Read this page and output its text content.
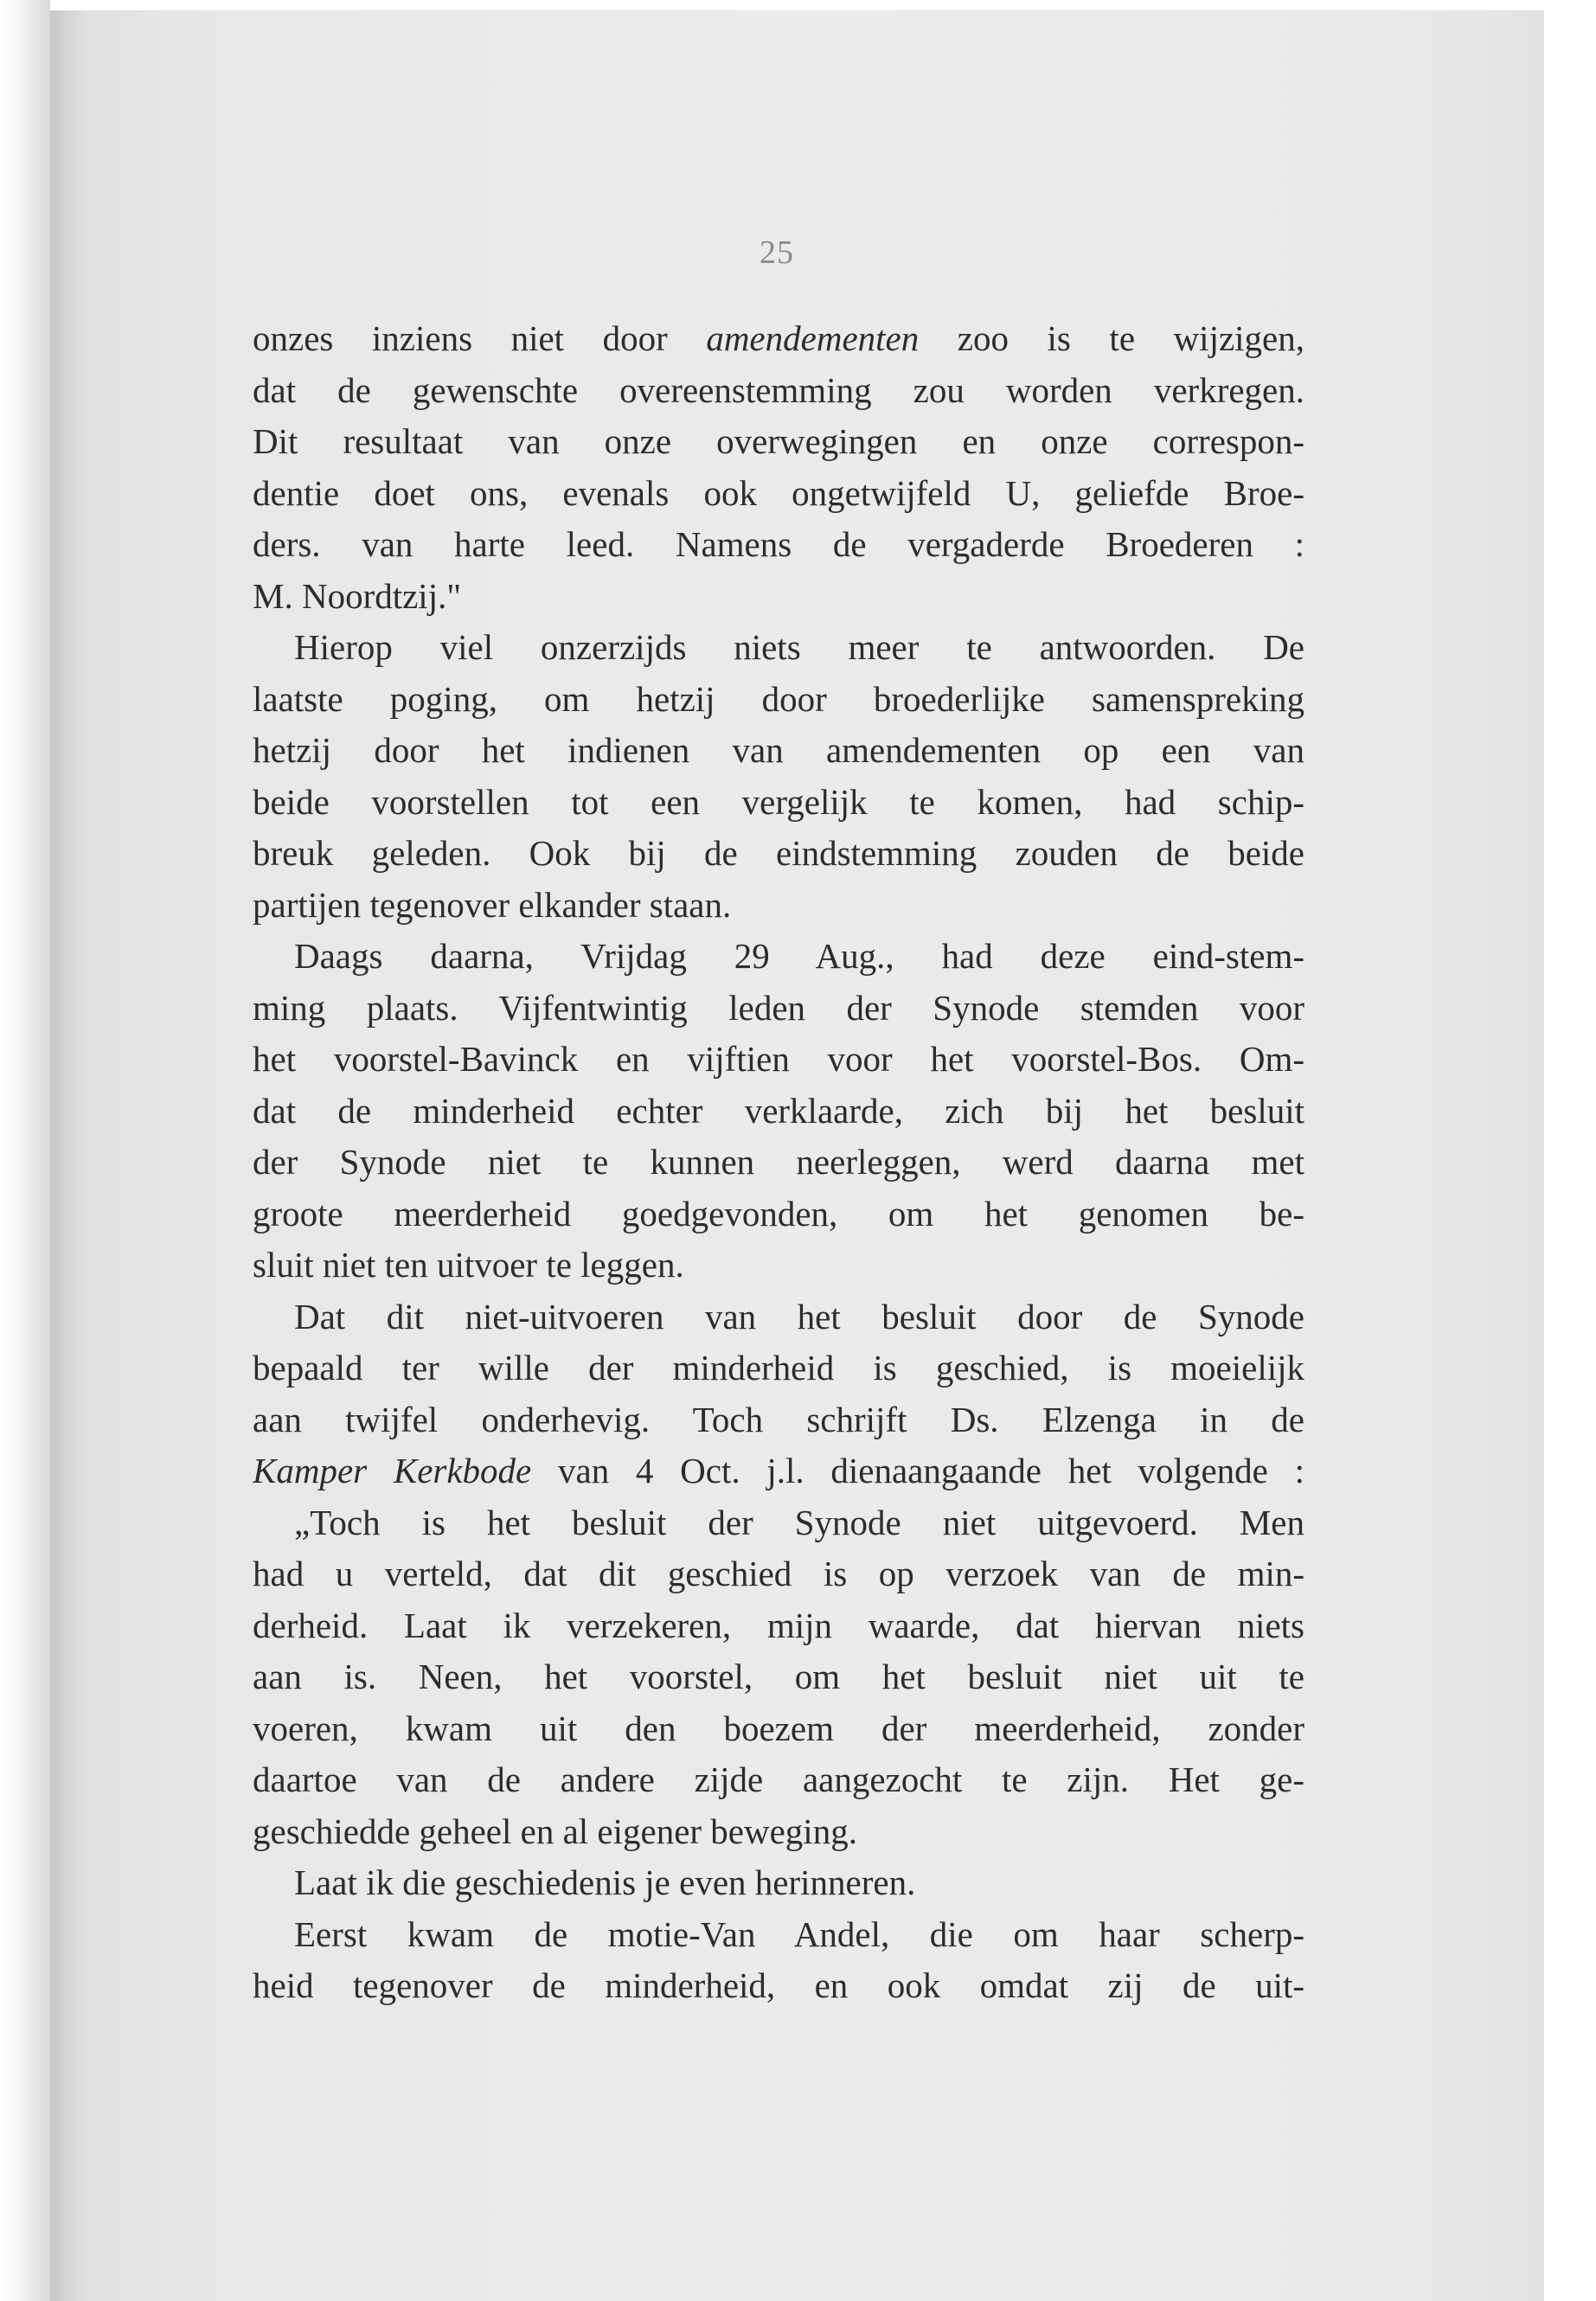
25
onzes inziens niet door amendementen zoo is te wijzigen,
dat de gewenschte overeenstemming zou worden verkregen.
Dit resultaat van onze overwegingen en onze correspon-
dentie doet ons, evenals ook ongetwijfeld U, geliefde Broe-
ders. van harte leed. Namens de vergaderde Broederen :
M. Noordtzij."
Hierop viel onzerzijds niets meer te antwoorden. De
laatste poging, om hetzij door broederlijke samenspreking
hetzij door het indienen van amendementen op een van
beide voorstellen tot een vergelijk te komen, had schip-
breuk geleden. Ook bij de eindstemming zouden de beide
partijen tegenover elkander staan.
Daags daarna, Vrijdag 29 Aug., had deze eind-stem-
ming plaats. Vijfentwintig leden der Synode stemden voor
het voorstel-Bavinck en vijftien voor het voorstel-Bos. Om-
dat de minderheid echter verklaarde, zich bij het besluit
der Synode niet te kunnen neerleggen, werd daarna met
groote meerderheid goedgevonden, om het genomen be-
sluit niet ten uitvoer te leggen.
Dat dit niet-uitvoeren van het besluit door de Synode
bepaald ter wille der minderheid is geschied, is moeielijk
aan twijfel onderhevig. Toch schrijft Ds. Elzenga in de
Kamper Kerkbode van 4 Oct. j.l. dienaangaande het volgende :
„Toch is het besluit der Synode niet uitgevoerd. Men
had u verteld, dat dit geschied is op verzoek van de min-
derheid. Laat ik verzekeren, mijn waarde, dat hiervan niets
aan is. Neen, het voorstel, om het besluit niet uit te
voeren, kwam uit den boezem der meerderheid, zonder
daartoe van de andere zijde aangezocht te zijn. Het ge-
geschiedde geheel en al eigener beweging.
Laat ik die geschiedenis je even herinneren.
Eerst kwam de motie-Van Andel, die om haar scherp-
heid tegenover de minderheid, en ook omdat zij de uit-
